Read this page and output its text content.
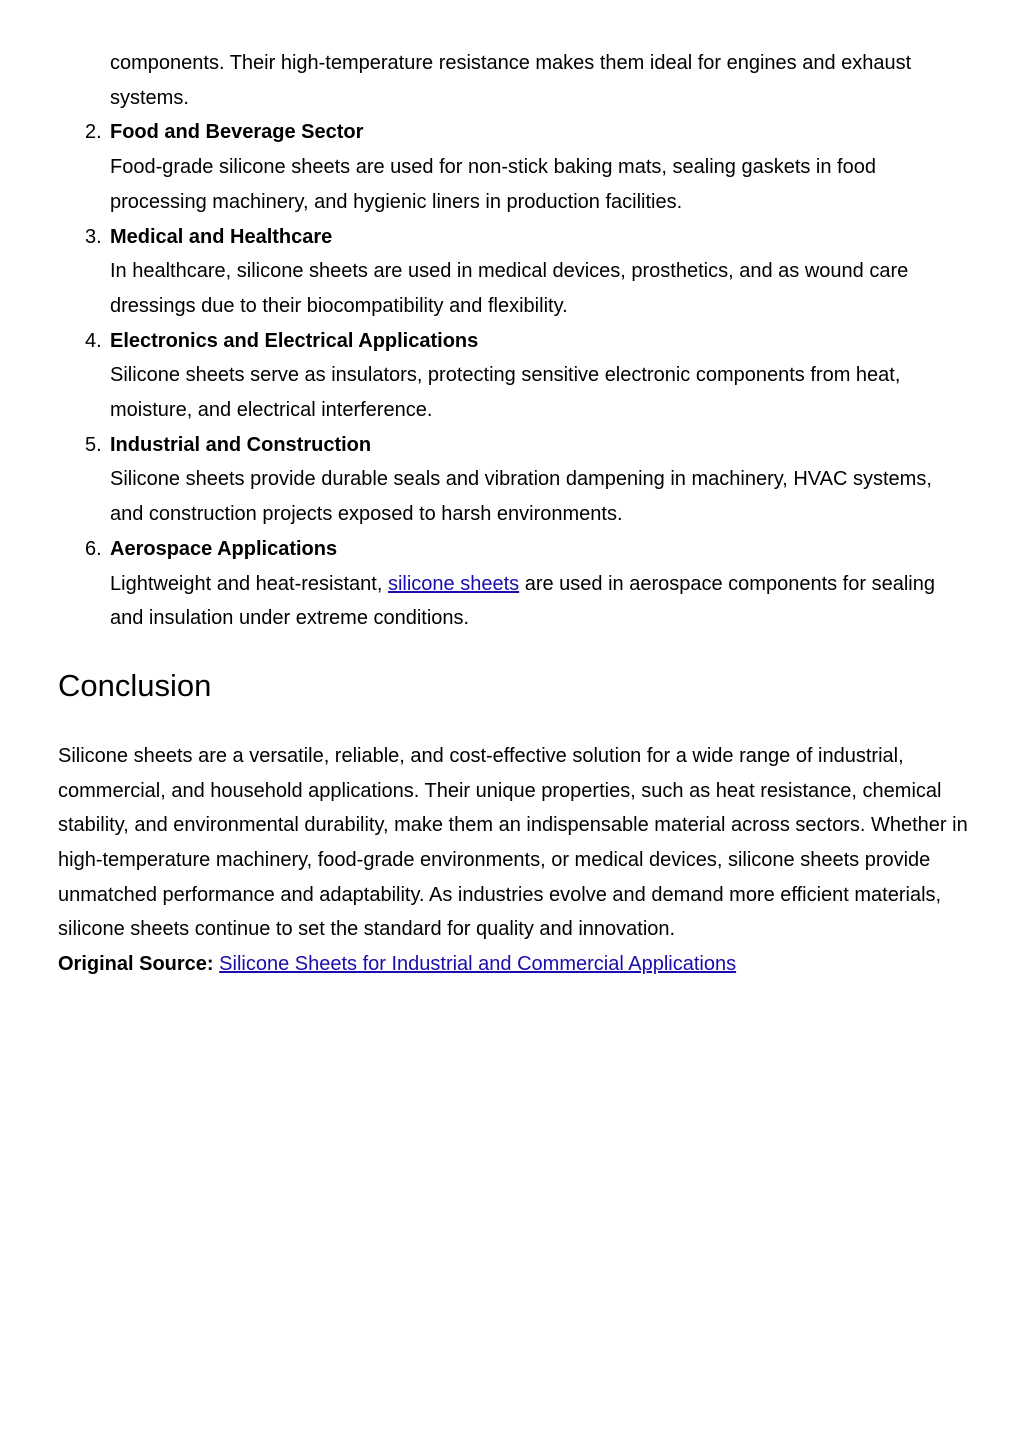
components. Their high-temperature resistance makes them ideal for engines and exhaust systems.

2. Food and Beverage Sector
Food-grade silicone sheets are used for non-stick baking mats, sealing gaskets in food processing machinery, and hygienic liners in production facilities.
3. Medical and Healthcare
In healthcare, silicone sheets are used in medical devices, prosthetics, and as wound care dressings due to their biocompatibility and flexibility.
4. Electronics and Electrical Applications
Silicone sheets serve as insulators, protecting sensitive electronic components from heat, moisture, and electrical interference.
5. Industrial and Construction
Silicone sheets provide durable seals and vibration dampening in machinery, HVAC systems, and construction projects exposed to harsh environments.
6. Aerospace Applications
Lightweight and heat-resistant, silicone sheets are used in aerospace components for sealing and insulation under extreme conditions.
Conclusion

Silicone sheets are a versatile, reliable, and cost-effective solution for a wide range of industrial, commercial, and household applications. Their unique properties, such as heat resistance, chemical stability, and environmental durability, make them an indispensable material across sectors. Whether in high-temperature machinery, food-grade environments, or medical devices, silicone sheets provide unmatched performance and adaptability. As industries evolve and demand more efficient materials, silicone sheets continue to set the standard for quality and innovation.

Original Source: Silicone Sheets for Industrial and Commercial Applications
